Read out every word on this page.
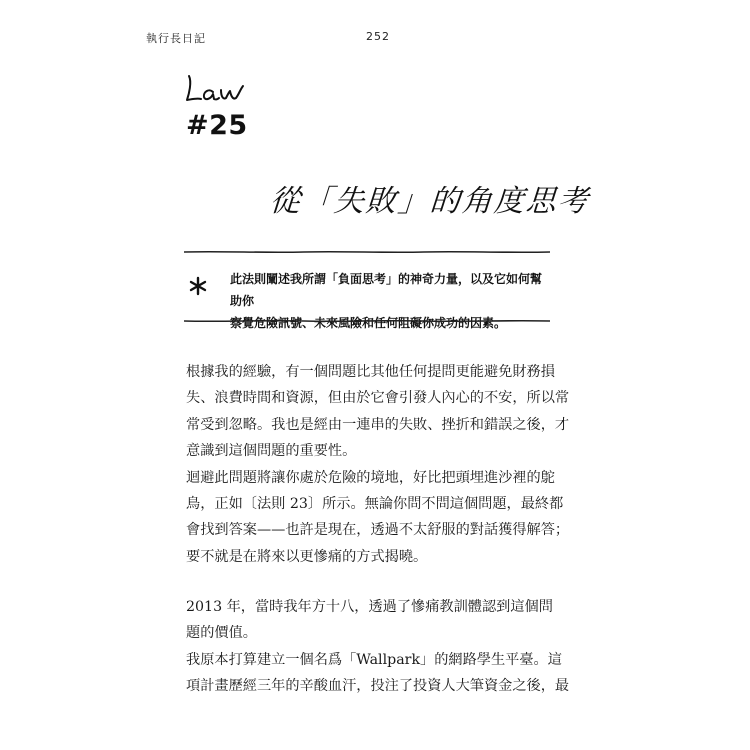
執行長日記	252
#25
從「失敗」的角度思考
此法則闡述我所謂「負面思考」的神奇力量，以及它如何幫助你
察覺危險訊號、未來風險和任何阻礙你成功的因素。
根據我的經驗，有一個問題比其他任何提問更能避免財務損
失、浪費時間和資源，但由於它會引發人內心的不安，所以常
常受到忽略。我也是經由一連串的失敗、挫折和錯誤之後，才
意識到這個問題的重要性。
迴避此問題將讓你處於危險的境地，好比把頭埋進沙裡的鴕
鳥，正如〔法則 23〕所示。無論你問不問這個問題，最終都
會找到答案——也許是現在，透過不太舒服的對話獲得解答；
要不就是在將來以更慘痛的方式揭曉。
2013 年，當時我年方十八，透過了慘痛教訓體認到這個問
題的價值。
我原本打算建立一個名爲「Wallpark」的網路學生平臺。這
項計畫歷經三年的辛酸血汗，投注了投資人大筆資金之後，最
